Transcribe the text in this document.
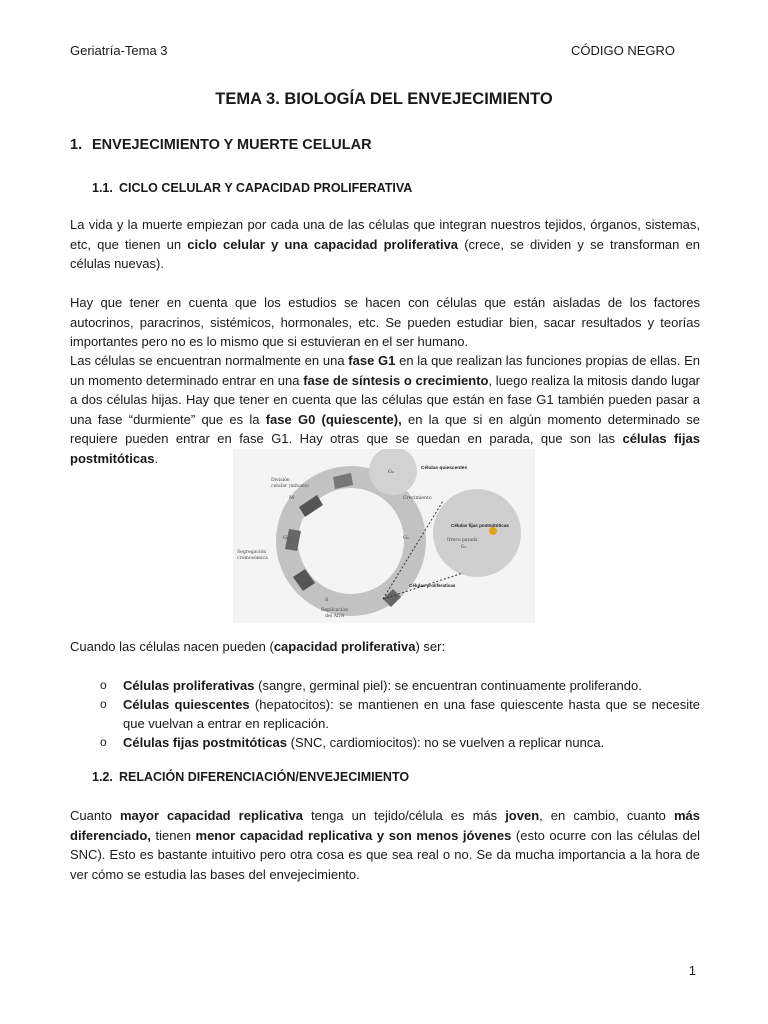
Geriatría-Tema 3	CÓDIGO NEGRO
TEMA 3. BIOLOGÍA DEL ENVEJECIMIENTO
1. ENVEJECIMIENTO Y MUERTE CELULAR
1.1. CICLO CELULAR Y CAPACIDAD PROLIFERATIVA

La vida y la muerte empiezan por cada una de las células que integran nuestros tejidos, órganos, sistemas, etc, que tienen un ciclo celular y una capacidad proliferativa (crece, se dividen y se transforman en células nuevas).

Hay que tener en cuenta que los estudios se hacen con células que están aisladas de los factores autocrinos, paracrinos, sistémicos, hormonales, etc. Se pueden estudiar bien, sacar resultados y teorías importantes pero no es lo mismo que si estuvieran en el ser humano.

Las células se encuentran normalmente en una fase G1 en la que realizan las funciones propias de ellas. En un momento determinado entrar en una fase de síntesis o crecimiento, luego realiza la mitosis dando lugar a dos células hijas. Hay que tener en cuenta que las células que están en fase G1 también pueden pasar a una fase “durmiente” que es la fase G0 (quiescente), en la que si en algún momento determinado se requiere pueden entrar en fase G1. Hay otras que se quedan en parada, que son las células fijas postmitóticas.

G₀
Células quiescentes
Células fijas postmitóticas
Irreco parada
G₁
División
celular (mitosis)
M	Crecimiento
G₂	G₁
Segregación
cromosómica
Células proliferativas
S
Replicación
del ADN

Cuando las células nacen pueden (capacidad proliferativa) ser:

o	Células proliferativas (sangre, germinal piel): se encuentran continuamente proliferando.
o	Células quiescentes (hepatocitos): se mantienen en una fase quiescente hasta que se necesite que vuelvan a entrar en replicación.
o	Células fijas postmitóticas (SNC, cardiomiocitos): no se vuelven a replicar nunca.
1.2. RELACIÓN DIFERENCIACIÓN/ENVEJECIMIENTO

Cuanto mayor capacidad replicativa tenga un tejido/célula es más joven, en cambio, cuanto más diferenciado, tienen menor capacidad replicativa y son menos jóvenes (esto ocurre con las células del SNC). Esto es bastante intuitivo pero otra cosa es que sea real o no. Se da mucha importancia a la hora de ver cómo se estudia las bases del envejecimiento.

1
